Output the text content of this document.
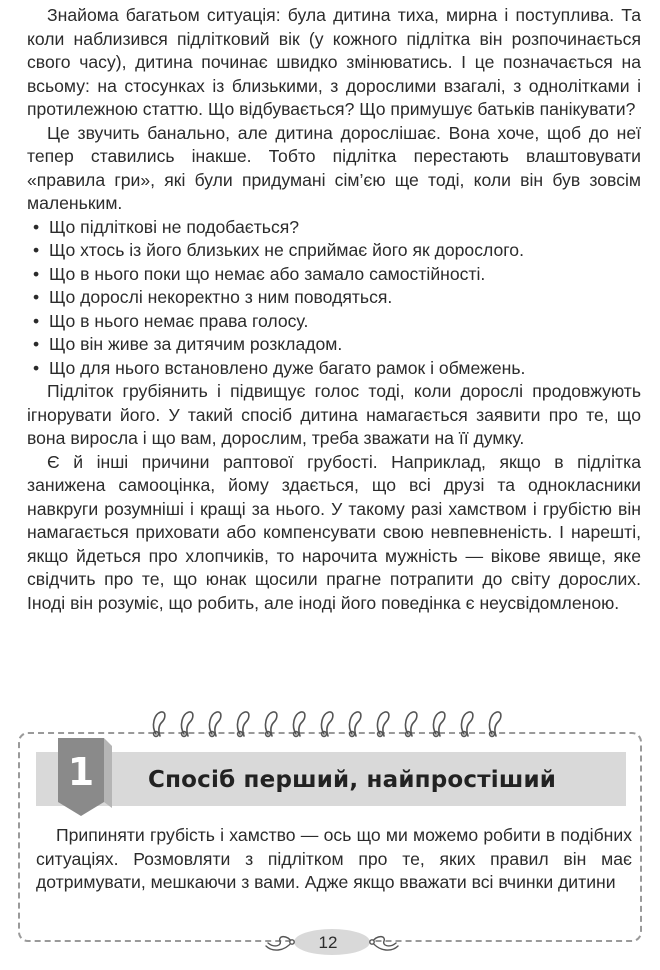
Знайома багатьом ситуація: була дитина тиха, мирна і поступлива. Та коли наблизився підлітковий вік (у кожного підлітка він розпочинається свого часу), дитина починає швидко змінюватись. І це позначається на всьому: на стосунках із близькими, з дорослими взагалі, з однолітками і протилежною статтю. Що відбувається? Що примушує батьків панікувати?

Це звучить банально, але дитина дорослішає. Вона хоче, щоб до неї тепер ставились інакше. Тобто підлітка перестають влаштовувати «правила гри», які були придумані сім’єю ще тоді, коли він був зовсім маленьким.

• Що підліткові не подобається?
• Що хтось із його близьких не сприймає його як дорослого.
• Що в нього поки що немає або замало самостійності.
• Що дорослі некоректно з ним поводяться.
• Що в нього немає права голосу.
• Що він живе за дитячим розкладом.
• Що для нього встановлено дуже багато рамок і обмежень.

Підліток грубіянить і підвищує голос тоді, коли дорослі продовжують ігнорувати його. У такий спосіб дитина намагається заявити про те, що вона виросла і що вам, дорослим, треба зважати на її думку.

Є й інші причини раптової грубості. Наприклад, якщо в підлітка занижена самооцінка, йому здається, що всі друзі та однокласники навкруги розумніші і кращі за нього. У такому разі хамством і грубістю він намагається приховати або компенсувати свою невпевненість. І нарешті, якщо йдеться про хлопчиків, то нарочита мужність — вікове явище, яке свідчить про те, що юнак щосили прагне потрапити до світу дорослих. Іноді він розуміє, що робить, але іноді його поведінка є неусвідомленою.

1	Спосіб перший, найпростіший

Припиняти грубість і хамство — ось що ми можемо робити в подібних ситуаціях. Розмовляти з підлітком про те, яких правил він має дотримувати, мешкаючи з вами. Адже якщо вважати всі вчинки дитини

12
